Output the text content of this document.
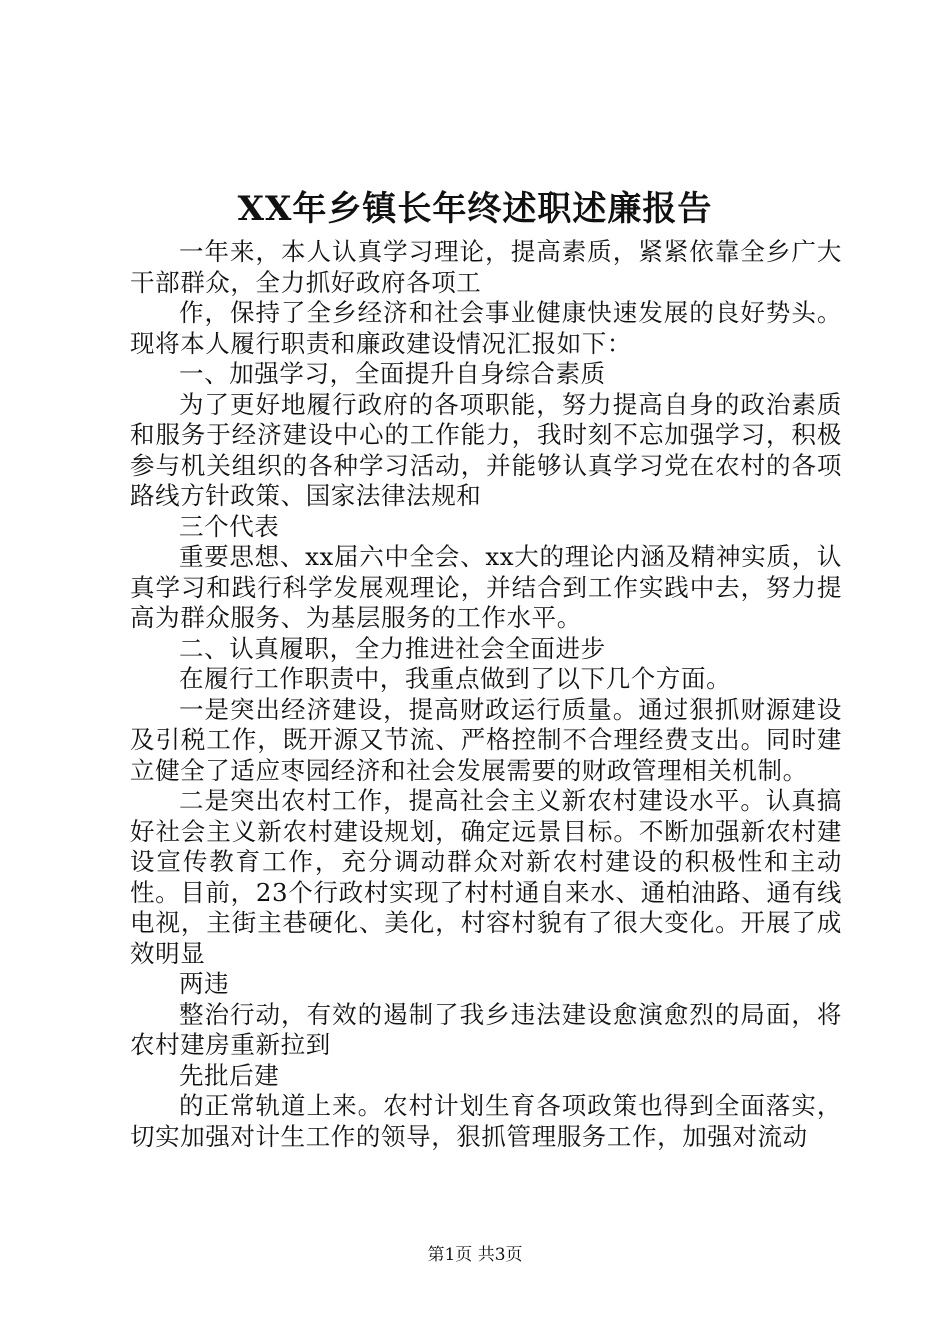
XX年乡镇长年终述职述廉报告

一年来，本人认真学习理论，提高素质，紧紧依靠全乡广大干部群众，全力抓好政府各项工

作，保持了全乡经济和社会事业健康快速发展的良好势头。现将本人履行职责和廉政建设情况汇报如下：

一、加强学习，全面提升自身综合素质

为了更好地履行政府的各项职能，努力提高自身的政治素质和服务于经济建设中心的工作能力，我时刻不忘加强学习，积极参与机关组织的各种学习活动，并能够认真学习党在农村的各项路线方针政策、国家法律法规和

三个代表

重要思想、xx届六中全会、xx大的理论内涵及精神实质，认真学习和践行科学发展观理论，并结合到工作实践中去，努力提高为群众服务、为基层服务的工作水平。

二、认真履职，全力推进社会全面进步

在履行工作职责中，我重点做到了以下几个方面。

一是突出经济建设，提高财政运行质量。通过狠抓财源建设及引税工作，既开源又节流、严格控制不合理经费支出。同时建立健全了适应枣园经济和社会发展需要的财政管理相关机制。

二是突出农村工作，提高社会主义新农村建设水平。认真搞好社会主义新农村建设规划，确定远景目标。不断加强新农村建设宣传教育工作，充分调动群众对新农村建设的积极性和主动性。目前，23个行政村实现了村村通自来水、通柏油路、通有线电视，主街主巷硬化、美化，村容村貌有了很大变化。开展了成效明显

两违

整治行动，有效的遏制了我乡违法建设愈演愈烈的局面，将农村建房重新拉到

先批后建

的正常轨道上来。农村计划生育各项政策也得到全面落实，切实加强对计生工作的领导，狠抓管理服务工作，加强对流动

第1页 共3页
